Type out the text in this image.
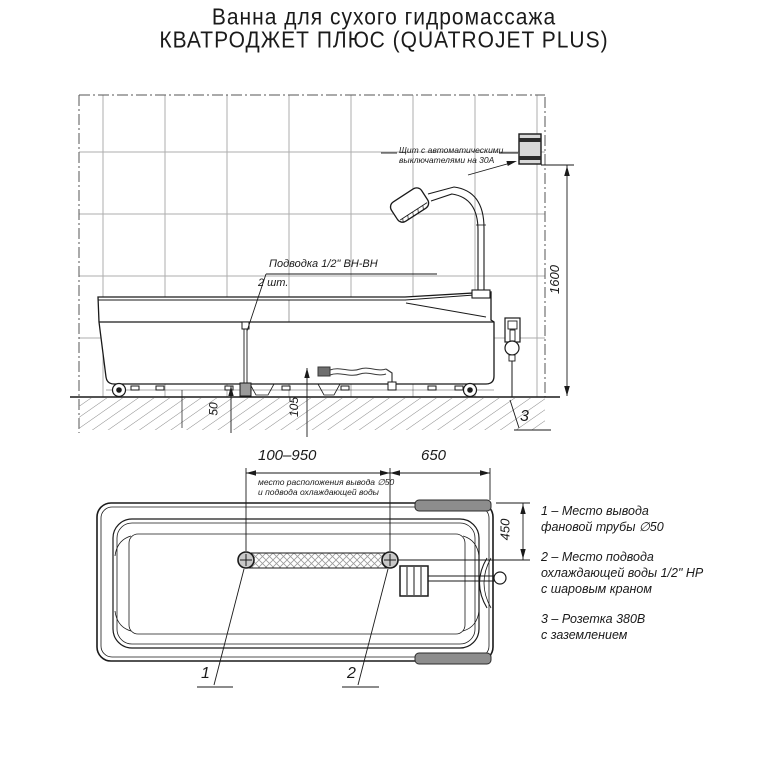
Ванна для сухого гидромассажа
КВАТРОДЖЕТ ПЛЮС (QUATROJET PLUS)
Щит с автоматическими
выключателями на 30А
Подводка 1/2" ВН-ВН
2 шт.	1600
50	105	3
100–950	650
место расположения вывода ∅50
и подвода охлаждающей воды
450
1	2

1 – Место вывода
фановой трубы ∅50

2 – Место подвода
охлаждающей воды 1/2" НР
с шаровым краном

3 – Розетка 380В
с заземлением
